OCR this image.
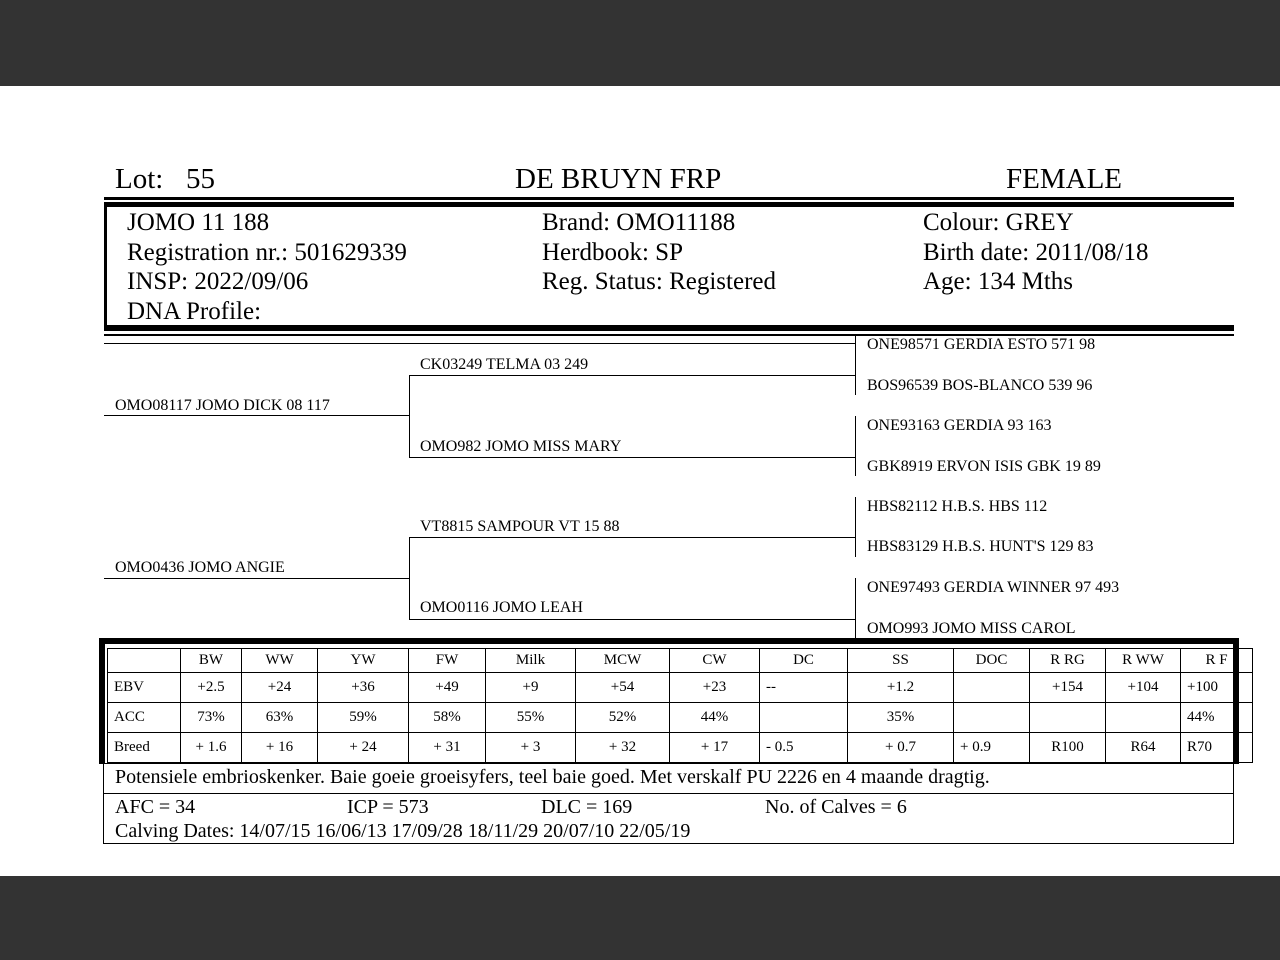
Lot: 55	DE BRUYN FRP	FEMALE
JOMO 11 188
Registration nr.: 501629339
INSP: 2022/09/06
DNA Profile:
Brand: OMO11188
Herdbook: SP
Reg. Status: Registered
Colour: GREY
Birth date: 2011/08/18
Age: 134 Mths
OMO08117 JOMO DICK 08 117
OMO0436 JOMO ANGIE
CK03249 TELMA 03 249
OMO982 JOMO MISS MARY
VT8815 SAMPOUR VT 15 88
OMO0116 JOMO LEAH
ONE98571 GERDIA ESTO 571 98
BOS96539 BOS-BLANCO 539 96
ONE93163 GERDIA 93 163
GBK8919 ERVON ISIS GBK 19 89
HBS82112 H.B.S. HBS 112
HBS83129 H.B.S. HUNT'S 129 83
ONE97493 GERDIA WINNER 97 493
OMO993 JOMO MISS CAROL
	BW	WW	YW	FW	Milk	MCW	CW	DC	SS	DOC	R RG	R WW	R F
EBV	+2.5	+24	+36	+49	+9	+54	+23	--	+1.2		+154	+104	+100
ACC	73%	63%	59%	58%	55%	52%	44%		35%				44%
Breed	+ 1.6	+ 16	+ 24	+ 31	+ 3	+ 32	+ 17	- 0.5	+ 0.7	+ 0.9	R100	R64	R70
Potensiele embrioskenker. Baie goeie groeisyfers, teel baie goed. Met verskalf PU 2226 en 4 maande dragtig.
AFC = 34	ICP = 573	DLC = 169	No. of Calves = 6
Calving Dates: 14/07/15 16/06/13 17/09/28 18/11/29 20/07/10 22/05/19
